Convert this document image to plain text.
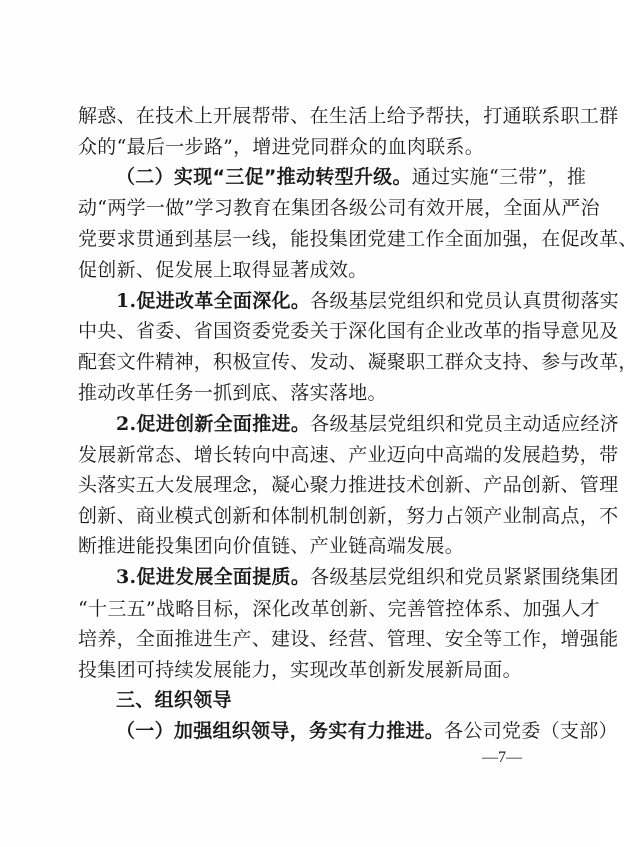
解惑、在技术上开展帮带、在生活上给予帮扶，打通联系职工群
众的“最后一步路”，增进党同群众的血肉联系。
（二）实现“三促”推动转型升级。通过实施“三带”，推
动“两学一做”学习教育在集团各级公司有效开展，全面从严治
党要求贯通到基层一线，能投集团党建工作全面加强，在促改革、
促创新、促发展上取得显著成效。
1.促进改革全面深化。各级基层党组织和党员认真贯彻落实
中央、省委、省国资委党委关于深化国有企业改革的指导意见及
配套文件精神，积极宣传、发动、凝聚职工群众支持、参与改革，
推动改革任务一抓到底、落实落地。
2.促进创新全面推进。各级基层党组织和党员主动适应经济
发展新常态、增长转向中高速、产业迈向中高端的发展趋势，带
头落实五大发展理念，凝心聚力推进技术创新、产品创新、管理
创新、商业模式创新和体制机制创新，努力占领产业制高点，不
断推进能投集团向价值链、产业链高端发展。
3.促进发展全面提质。各级基层党组织和党员紧紧围绕集团
“十三五”战略目标，深化改革创新、完善管控体系、加强人才
培养，全面推进生产、建设、经营、管理、安全等工作，增强能
投集团可持续发展能力，实现改革创新发展新局面。
三、组织领导
—7—
（一）加强组织领导，务实有力推进。各公司党委（支部）
